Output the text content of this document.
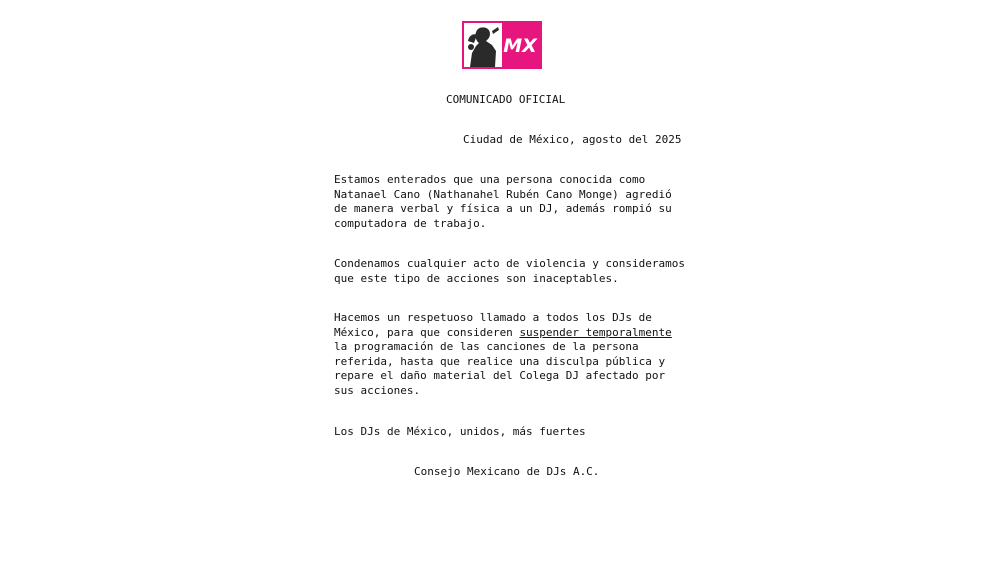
MX
COMUNICADO OFICIAL
Ciudad de México, agosto del 2025
Estamos enterados que una persona conocida como
Natanael Cano (Nathanahel Rubén Cano Monge) agredió
de manera verbal y física a un DJ, además rompió su
computadora de trabajo.
Condenamos cualquier acto de violencia y consideramos
que este tipo de acciones son inaceptables.
Hacemos un respetuoso llamado a todos los DJs de
México, para que consideren suspender temporalmente
la programación de las canciones de la persona
referida, hasta que realice una disculpa pública y
repare el daño material del Colega DJ afectado por
sus acciones.
Los DJs de México, unidos, más fuertes
Consejo Mexicano de DJs A.C.
